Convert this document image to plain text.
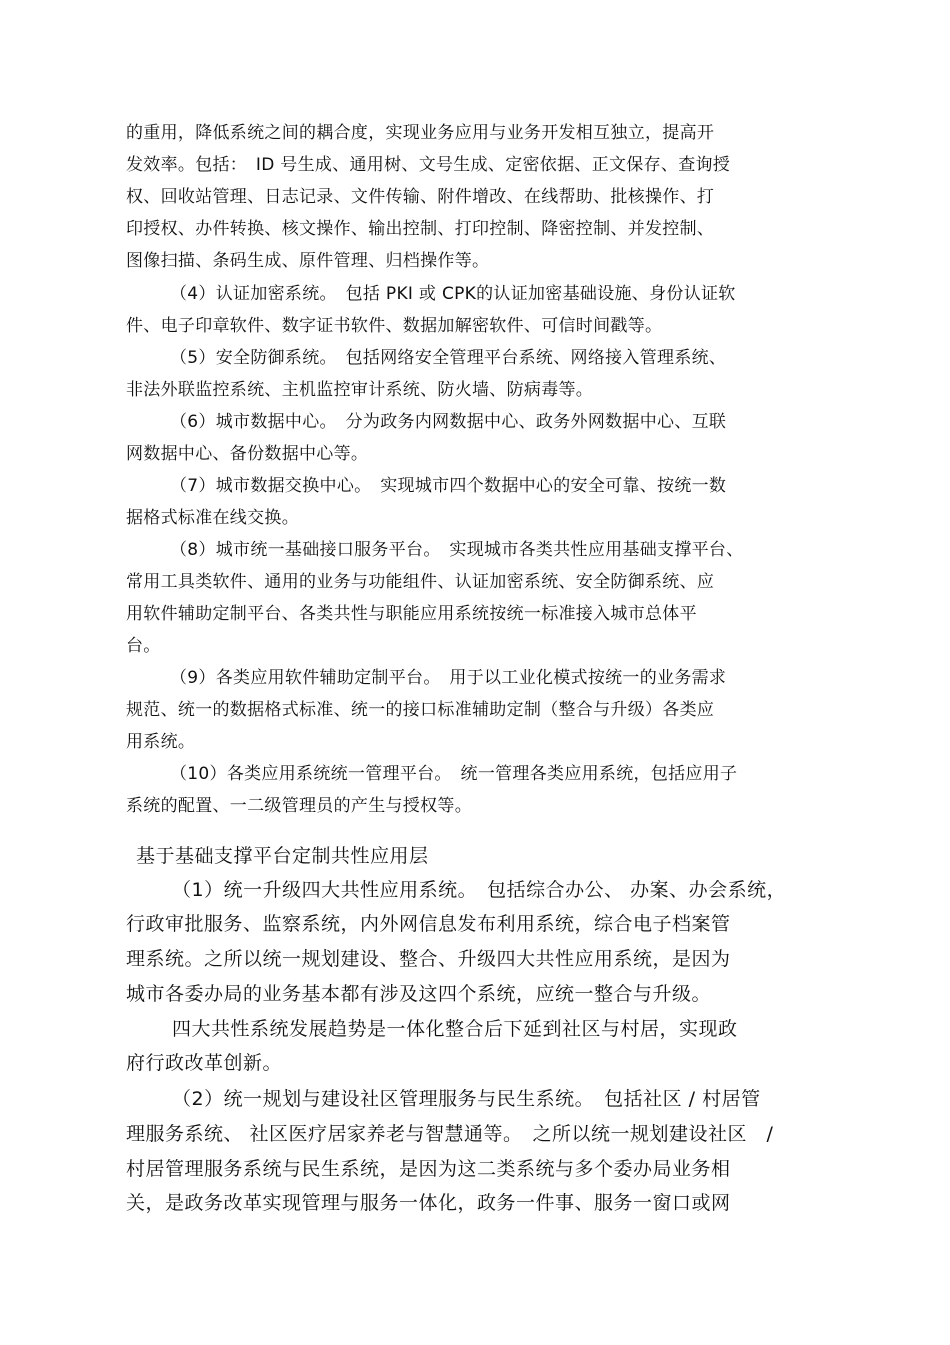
的重用，降低系统之间的耦合度，实现业务应用与业务开发相互独立，提高开
发效率。包括：　ID 号生成、通用树、文号生成、定密依据、正文保存、查询授
权、回收站管理、日志记录、文件传输、附件增改、在线帮助、批核操作、打
印授权、办件转换、核文操作、输出控制、打印控制、降密控制、并发控制、
图像扫描、条码生成、原件管理、归档操作等。
（4）认证加密系统。　包括 PKI 或 CPK的认证加密基础设施、身份认证软
件、电子印章软件、数字证书软件、数据加解密软件、可信时间戳等。
（5）安全防御系统。　包括网络安全管理平台系统、网络接入管理系统、
非法外联监控系统、主机监控审计系统、防火墙、防病毒等。
（6）城市数据中心。　分为政务内网数据中心、政务外网数据中心、互联
网数据中心、备份数据中心等。
（7）城市数据交换中心。　实现城市四个数据中心的安全可靠、按统一数
据格式标准在线交换。
（8）城市统一基础接口服务平台。　实现城市各类共性应用基础支撑平台、
常用工具类软件、通用的业务与功能组件、认证加密系统、安全防御系统、应
用软件辅助定制平台、各类共性与职能应用系统按统一标准接入城市总体平
台。
（9）各类应用软件辅助定制平台。　用于以工业化模式按统一的业务需求
规范、统一的数据格式标准、统一的接口标准辅助定制（整合与升级）各类应
用系统。
（10）各类应用系统统一管理平台。　统一管理各类应用系统，包括应用子
系统的配置、一二级管理员的产生与授权等。
基于基础支撑平台定制共性应用层
（1）统一升级四大共性应用系统。　包括综合办公、 办案、办会系统，
行政审批服务、监察系统，内外网信息发布利用系统，综合电子档案管
理系统。之所以统一规划建设、整合、升级四大共性应用系统，是因为
城市各委办局的业务基本都有涉及这四个系统，应统一整合与升级。
四大共性系统发展趋势是一体化整合后下延到社区与村居，实现政
府行政改革创新。
（2）统一规划与建设社区管理服务与民生系统。　包括社区 / 村居管
理服务系统、 社区医疗居家养老与智慧通等。　之所以统一规划建设社区　/
村居管理服务系统与民生系统，是因为这二类系统与多个委办局业务相
关，是政务改革实现管理与服务一体化，政务一件事、服务一窗口或网
